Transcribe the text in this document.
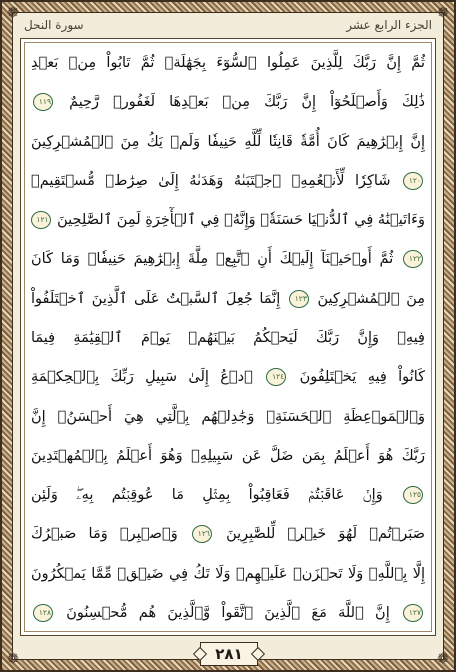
❁	❁
❁	❁
الجزء الرابع عشر
سورة النحل
ثُمَّ إِنَّ رَبَّكَ لِلَّذِينَ عَمِلُوا ٱلسُّوٓءَ بِجَهَٰلَةٖ ثُمَّ تَابُواْ مِنۢ بَعۡدِ
ذَٰلِكَ وَأَصۡلَحُوٓاْ إِنَّ رَبَّكَ مِنۢ بَعۡدِهَا لَغَفُورٞ رَّحِيمٌ ١١٩
إِنَّ إِبۡرَٰهِيمَ كَانَ أُمَّةٗ قَانِتٗا لِّلَّهِ حَنِيفٗا وَلَمۡ يَكُ مِنَ ٱلۡمُشۡرِكِينَ
١٢٠ شَاكِرٗا لِّأَنۡعُمِهِۚ ٱجۡتَبَىٰهُ وَهَدَىٰهُ إِلَىٰ صِرَٰطٖ مُّسۡتَقِيمٖ
وَءَاتَيۡنَٰهُ فِي ٱلدُّنۡيَا حَسَنَةٗۖ وَإِنَّهُۥ فِي ٱلۡأٓخِرَةِ لَمِنَ ٱلصَّٰلِحِينَ ١٢١
١٢٢ ثُمَّ أَوۡحَيۡنَآ إِلَيۡكَ أَنِ ٱتَّبِعۡ مِلَّةَ إِبۡرَٰهِيمَ حَنِيفٗاۖ وَمَا كَانَ
مِنَ ٱلۡمُشۡرِكِينَ ١٢٣ إِنَّمَا جُعِلَ ٱلسَّبۡتُ عَلَى ٱلَّذِينَ ٱخۡتَلَفُواْ
فِيهِۚ وَإِنَّ رَبَّكَ لَيَحۡكُمُ بَيۡنَهُمۡ يَوۡمَ ٱلۡقِيَٰمَةِ فِيمَا
كَانُواْ فِيهِ يَخۡتَلِفُونَ ١٢٤ ٱدۡعُ إِلَىٰ سَبِيلِ رَبِّكَ بِٱلۡحِكۡمَةِ
وَٱلۡمَوۡعِظَةِ ٱلۡحَسَنَةِۖ وَجَٰدِلۡهُم بِٱلَّتِي هِيَ أَحۡسَنُۚ إِنَّ
رَبَّكَ هُوَ أَعۡلَمُ بِمَن ضَلَّ عَن سَبِيلِهِۦ وَهُوَ أَعۡلَمُ بِٱلۡمُهۡتَدِينَ
١٢٥ وَإِنۡ عَاقَبۡتُمۡ فَعَاقِبُواْ بِمِثۡلِ مَا عُوقِبۡتُم بِهِۦۖ وَلَئِن
صَبَرۡتُمۡ لَهُوَ خَيۡرٞ لِّلصَّٰبِرِينَ ١٢٦ وَٱصۡبِرۡ وَمَا صَبۡرُكَ
إِلَّا بِٱللَّهِۚ وَلَا تَحۡزَنۡ عَلَيۡهِمۡ وَلَا تَكُ فِي ضَيۡقٖ مِّمَّا يَمۡكُرُونَ
١٢٧ إِنَّ ٱللَّهَ مَعَ ٱلَّذِينَ ٱتَّقَواْ وَّٱلَّذِينَ هُم مُّحۡسِنُونَ ١٢٨
٢٨١
